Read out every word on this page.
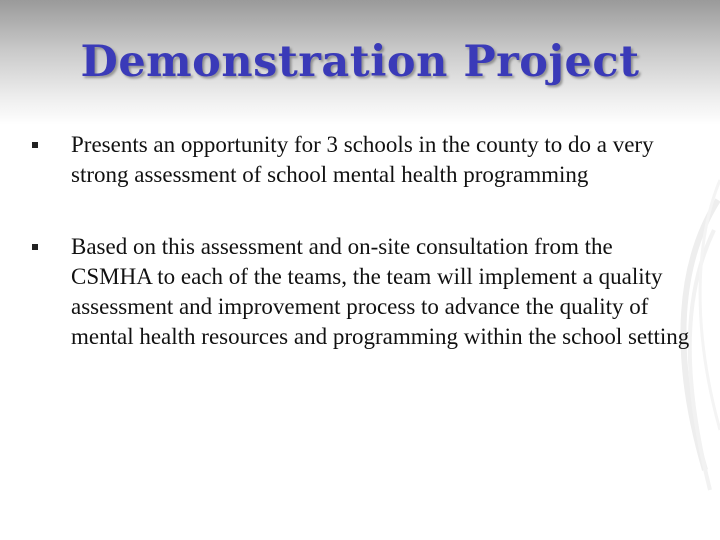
Demonstration Project
Presents an opportunity for 3 schools in the county to do a very strong assessment of school mental health programming
Based on this assessment and on-site consultation from the CSMHA to each of the teams, the team will implement a quality assessment and improvement process to advance the quality of mental health resources and programming within the school setting
